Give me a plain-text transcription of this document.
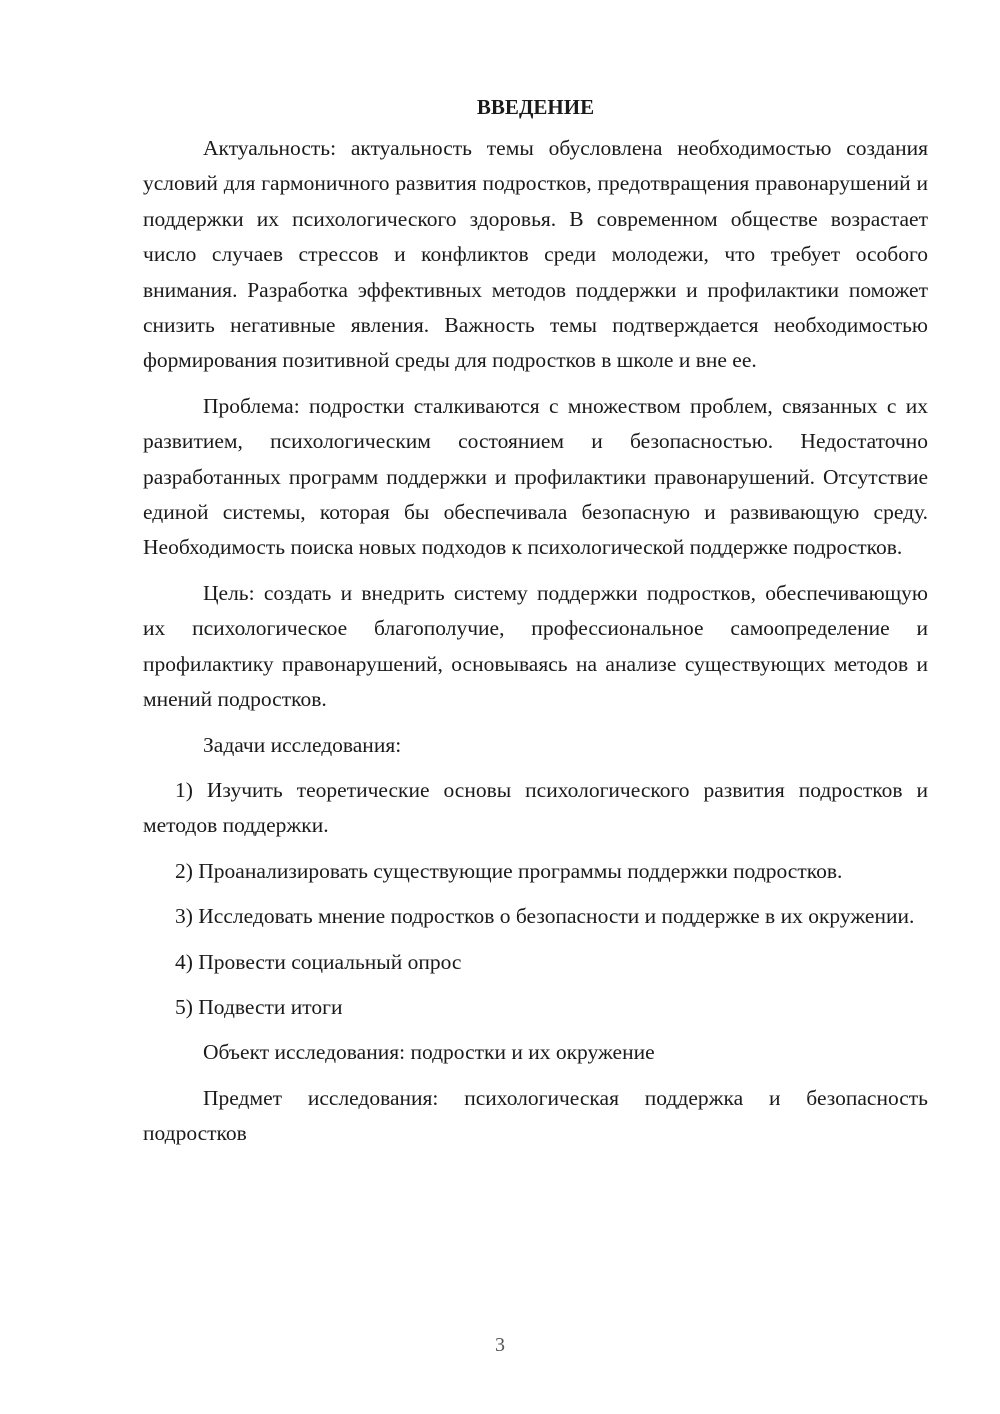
ВВЕДЕНИЕ

Актуальность: актуальность темы обусловлена необходимостью создания условий для гармоничного развития подростков, предотвращения правонарушений и поддержки их психологического здоровья. В современном обществе возрастает число случаев стрессов и конфликтов среди молодежи, что требует особого внимания. Разработка эффективных методов поддержки и профилактики поможет снизить негативные явления. Важность темы подтверждается необходимостью формирования позитивной среды для подростков в школе и вне ее.

Проблема: подростки сталкиваются с множеством проблем, связанных с их развитием, психологическим состоянием и безопасностью. Недостаточно разработанных программ поддержки и профилактики правонарушений. Отсутствие единой системы, которая бы обеспечивала безопасную и развивающую среду. Необходимость поиска новых подходов к психологической поддержке подростков.

Цель: создать и внедрить систему поддержки подростков, обеспечивающую их психологическое благополучие, профессиональное самоопределение и профилактику правонарушений, основываясь на анализе существующих методов и мнений подростков.

Задачи исследования:

1) Изучить теоретические основы психологического развития подростков и методов поддержки.

2) Проанализировать существующие программы поддержки подростков.

3) Исследовать мнение подростков о безопасности и поддержке в их окружении.

4) Провести социальный опрос

5) Подвести итоги

Объект исследования: подростки и их окружение

Предмет исследования: психологическая поддержка и безопасность подростков

3
